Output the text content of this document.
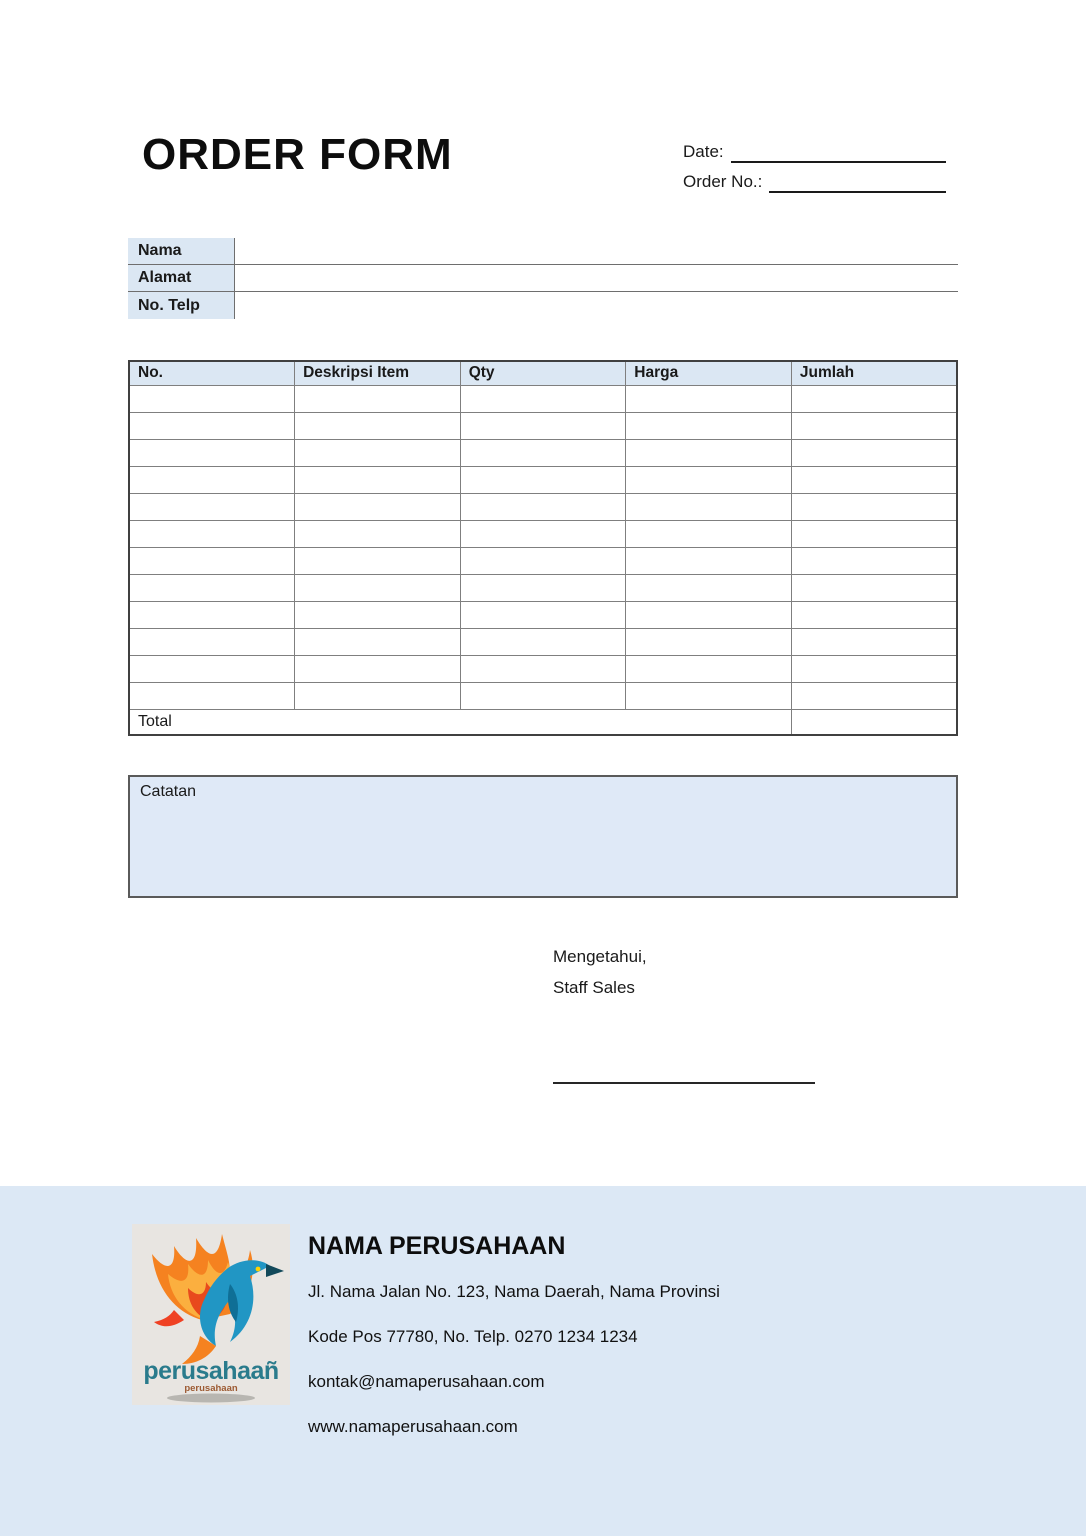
ORDER FORM	Date:
Order No.:
Nama
Alamat
No. Telp
No.	Deskripsi Item	Qty	Harga	Jumlah

Total				
Catatan
Mengetahui,
Staff Sales
perusahaañ
perusahaan
NAMA PERUSAHAAN
Jl. Nama Jalan No. 123, Nama Daerah, Nama Provinsi
Kode Pos 77780, No. Telp. 0270 1234 1234
kontak@namaperusahaan.com
www.namaperusahaan.com
